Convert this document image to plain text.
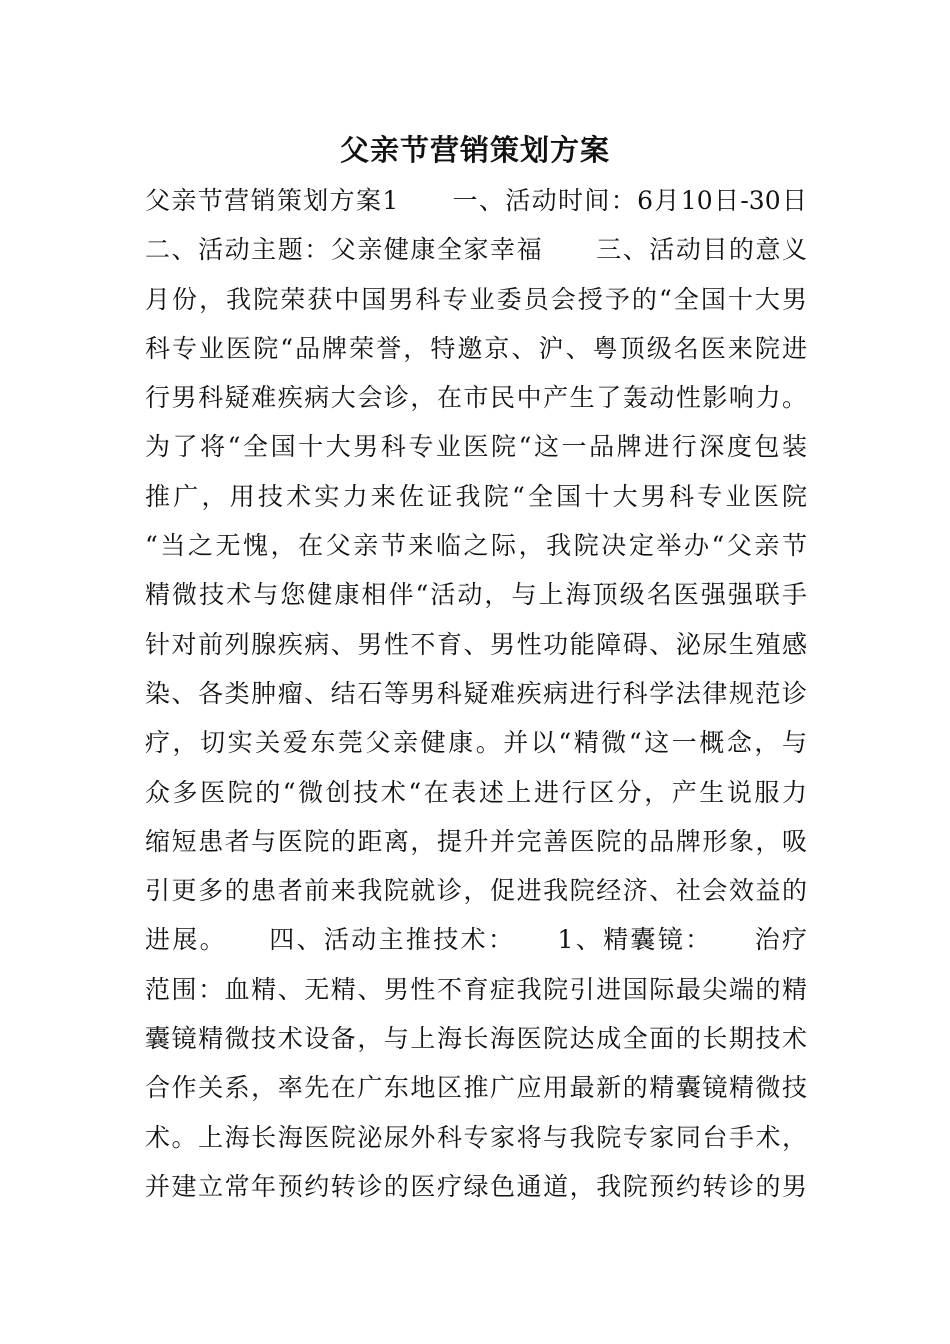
父亲节营销策划方案
父亲节营销策划方案1　　一、活动时间：6月10日-30日
二、活动主题：父亲健康全家幸福　　三、活动目的意义
月份，我院荣获中国男科专业委员会授予的“全国十大男
科专业医院“品牌荣誉，特邀京、沪、粤顶级名医来院进
行男科疑难疾病大会诊，在市民中产生了轰动性影响力。
为了将“全国十大男科专业医院“这一品牌进行深度包装
推广，用技术实力来佐证我院“全国十大男科专业医院
“当之无愧，在父亲节来临之际，我院决定举办“父亲节
精微技术与您健康相伴“活动，与上海顶级名医强强联手
针对前列腺疾病、男性不育、男性功能障碍、泌尿生殖感
染、各类肿瘤、结石等男科疑难疾病进行科学法律规范诊
疗，切实关爱东莞父亲健康。并以“精微“这一概念，与
众多医院的“微创技术“在表述上进行区分，产生说服力
缩短患者与医院的距离，提升并完善医院的品牌形象，吸
引更多的患者前来我院就诊，促进我院经济、社会效益的
进展。　　四、活动主推技术：　　1、精囊镜：　　治疗
范围：血精、无精、男性不育症我院引进国际最尖端的精
囊镜精微技术设备，与上海长海医院达成全面的长期技术
合作关系，率先在广东地区推广应用最新的精囊镜精微技
术。上海长海医院泌尿外科专家将与我院专家同台手术，
并建立常年预约转诊的医疗绿色通道，我院预约转诊的男
